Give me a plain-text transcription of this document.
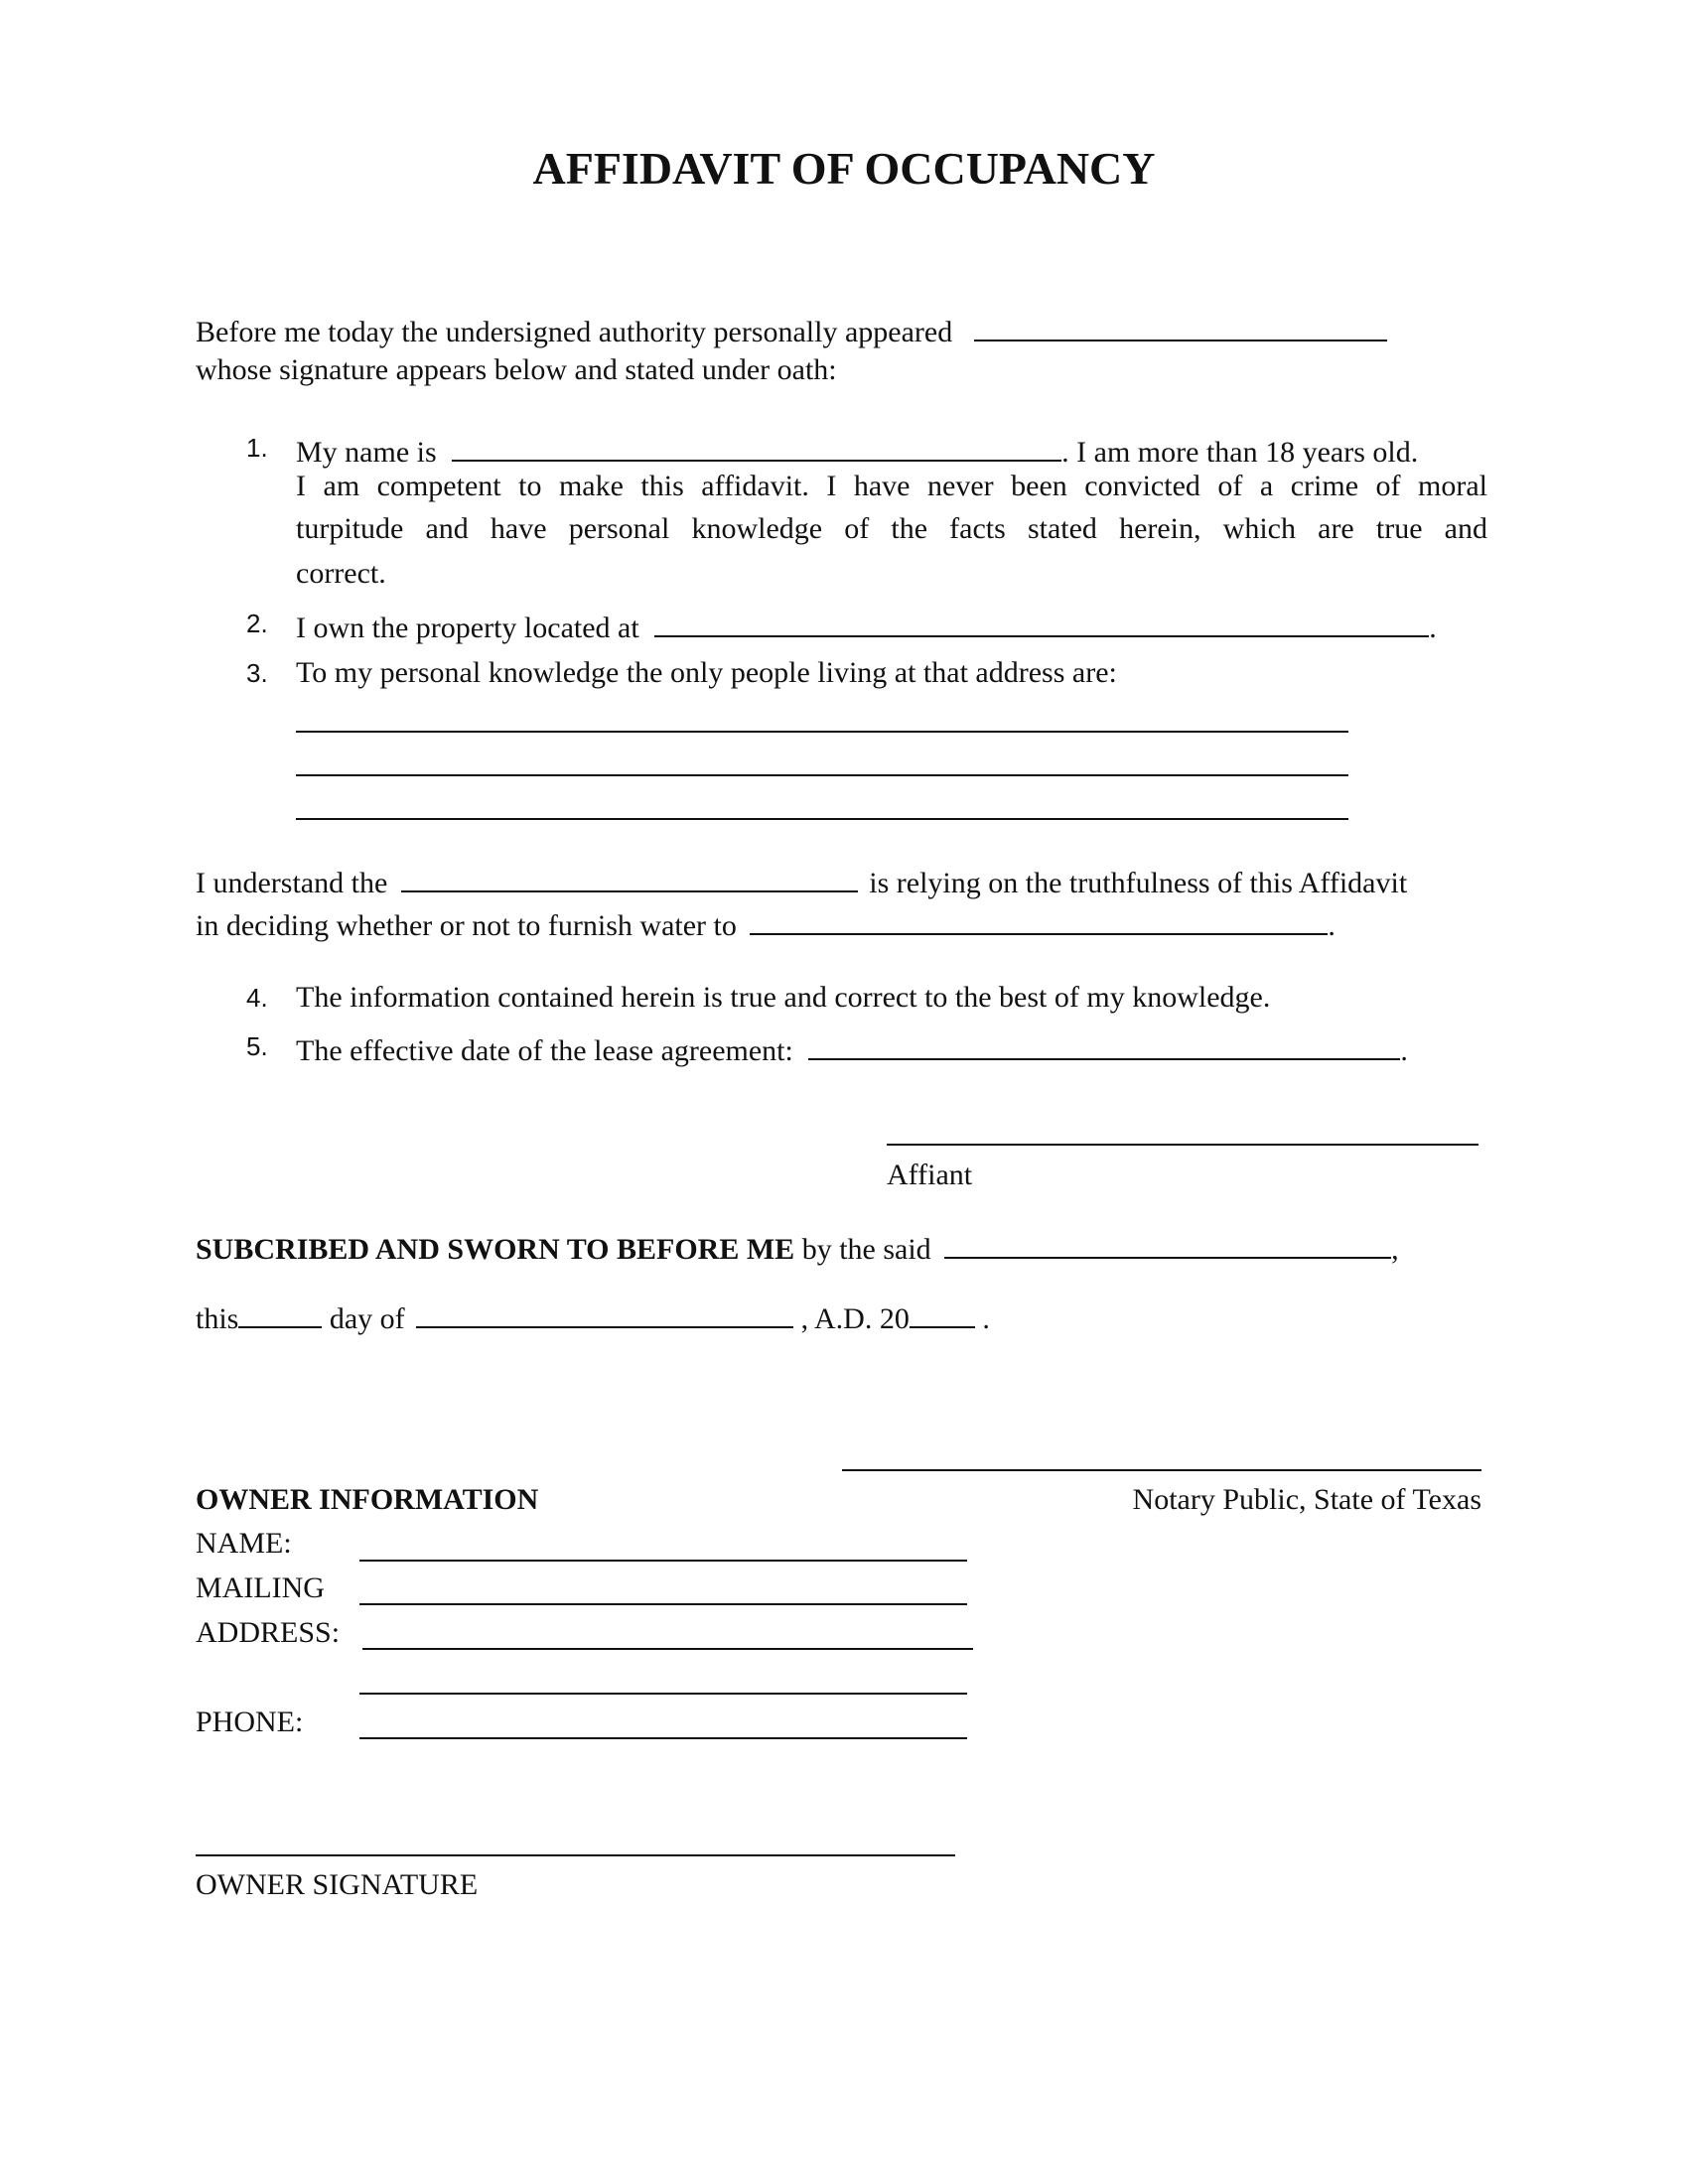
AFFIDAVIT OF OCCUPANCY
Before me today the undersigned authority personally appeared
whose signature appears below and stated under oath:
1. My name is	. I am more than 18 years old.
I am competent to make this affidavit. I have never been convicted of a crime of moral
turpitude and have personal knowledge of the facts stated herein, which are true and
correct.
2. I own the property located at	.
3. To my personal knowledge the only people living at that address are:
I understand the	is relying on the truthfulness of this Affidavit
in deciding whether or not to furnish water to	.
4. The information contained herein is true and correct to the best of my knowledge.
5. The effective date of the lease agreement:	.
Affiant
SUBCRIBED AND SWORN TO BEFORE ME by the said	,
this	day of	, A.D. 20 .
Notary Public, State of Texas
OWNER INFORMATION
NAME:
MAILING
ADDRESS:
PHONE:
OWNER SIGNATURE
